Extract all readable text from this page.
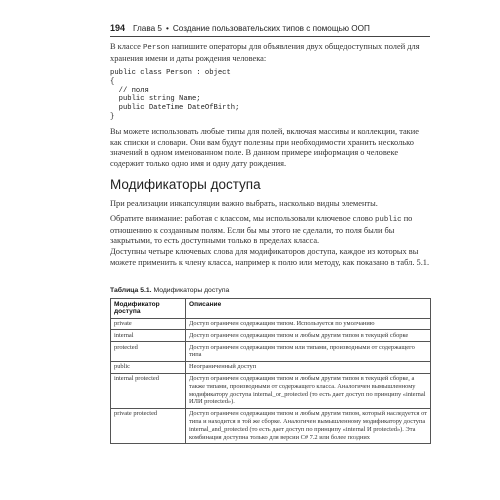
194 Глава 5 • Создание пользовательских типов с помощью ООП

В классе Person напишите операторы для объявления двух общедоступных полей для хранения имени и даты рождения человека:

public class Person : object
{
// поля
public string Name;
public DateTime DateOfBirth;
}

Вы можете использовать любые типы для полей, включая массивы и коллекции, такие как списки и словари. Они вам будут полезны при необходимости хранить несколько значений в одном именованном поле. В данном примере информация о человеке содержит только одно имя и одну дату рождения.

Модификаторы доступа

При реализации инкапсуляции важно выбрать, насколько видны элементы.

Обратите внимание: работая с классом, мы использовали ключевое слово public по отношению к созданным полям. Если бы мы этого не сделали, то поля были бы закрытыми, то есть доступными только в пределах класса.

Доступны четыре ключевых слова для модификаторов доступа, каждое из которых вы можете применить к члену класса, например к полю или методу, как показано в табл. 5.1.

Таблица 5.1. Модификаторы доступа

Модификатор доступа	Описание
private	Доступ ограничен содержащим типом. Используется по умолчанию
internal	Доступ ограничен содержащим типом и любым другим типом в текущей сборке
protected	Доступ ограничен содержащим типом или типами, производными от содержащего типа
public	Неограниченный доступ
internal protected	Доступ ограничен содержащим типом и любым другим типом в текущей сборке, а также типами, производными от содержащего класса. Аналогичен вымышленному модификатору доступа internal_or_protected (то есть дает доступ по принципу «internal ИЛИ protected»).
private protected	Доступ ограничен содержащим типом и любым другим типом, который наследуется от типа и находится в той же сборке. Аналогичен вымышленному модификатору доступа internal_and_protected (то есть дает доступ по принципу «internal И protected»). Эта комбинация доступна только для версии C# 7.2 или более поздних
